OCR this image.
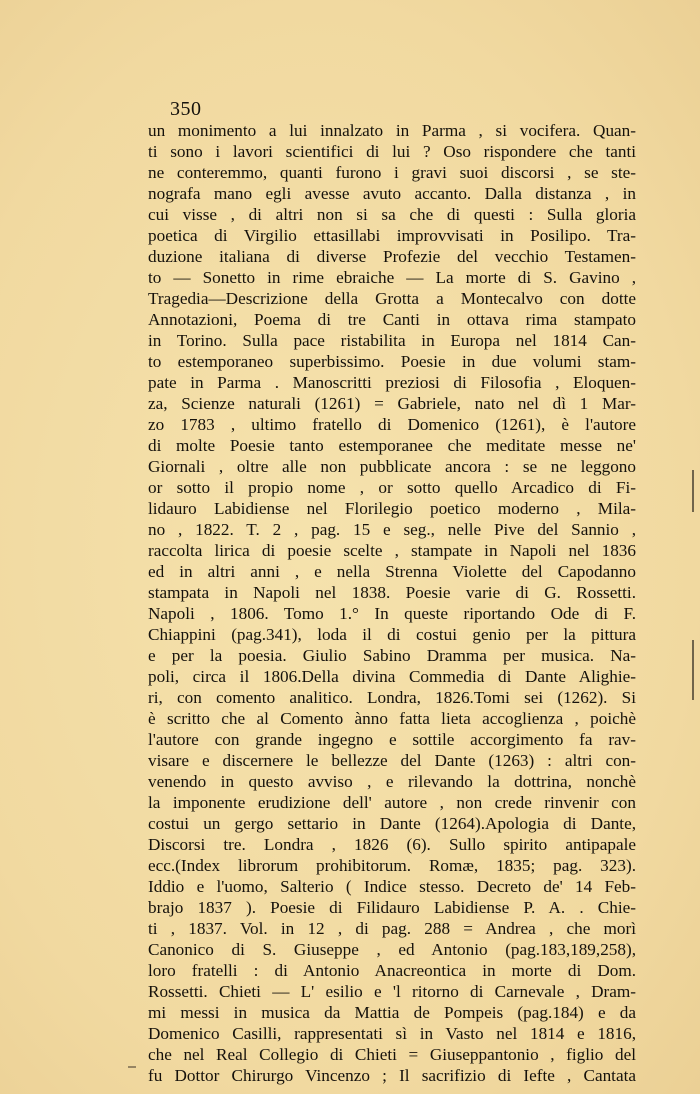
350
un monimento a lui innalzato in Parma , si vocifera. Quan-
ti sono i lavori scientifici di lui ? Oso rispondere che tanti
ne conteremmo, quanti furono i gravi suoi discorsi , se ste-
nografa mano egli avesse avuto accanto. Dalla distanza , in
cui visse , di altri non si sa che di questi : Sulla gloria
poetica di Virgilio ettasillabi improvvisati in Posilipo. Tra-
duzione italiana di diverse Profezie del vecchio Testamen-
to — Sonetto in rime ebraiche — La morte di S. Gavino ,
Tragedia—Descrizione della Grotta a Montecalvo con dotte
Annotazioni, Poema di tre Canti in ottava rima stampato
in Torino. Sulla pace ristabilita in Europa nel 1814 Can-
to estemporaneo superbissimo. Poesie in due volumi stam-
pate in Parma . Manoscritti preziosi di Filosofia , Eloquen-
za, Scienze naturali (1261) = Gabriele, nato nel dì 1 Mar-
zo 1783 , ultimo fratello di Domenico (1261), è l'autore
di molte Poesie tanto estemporanee che meditate messe ne'
Giornali , oltre alle non pubblicate ancora : se ne leggono
or sotto il propio nome , or sotto quello Arcadico di Fi-
lidauro Labidiense nel Florilegio poetico moderno , Mila-
no , 1822. T. 2 , pag. 15 e seg., nelle Pive del Sannio ,
raccolta lirica di poesie scelte , stampate in Napoli nel 1836
ed in altri anni , e nella Strenna Violette del Capodanno
stampata in Napoli nel 1838. Poesie varie di G. Rossetti.
Napoli , 1806. Tomo 1.° In queste riportando Ode di F.
Chiappini (pag.341), loda il di costui genio per la pittura
e per la poesia. Giulio Sabino Dramma per musica. Na-
poli, circa il 1806.Della divina Commedia di Dante Alighie-
ri, con comento analitico. Londra, 1826.Tomi sei (1262). Si
è scritto che al Comento ànno fatta lieta accoglienza , poichè
l'autore con grande ingegno e sottile accorgimento fa rav-
visare e discernere le bellezze del Dante (1263) : altri con-
venendo in questo avviso , e rilevando la dottrina, nonchè
la imponente erudizione dell' autore , non crede rinvenir con
costui un gergo settario in Dante (1264).Apologia di Dante,
Discorsi tre. Londra , 1826 (6). Sullo spirito antipapale
ecc.(Index librorum prohibitorum. Romæ, 1835; pag. 323).
Iddio e l'uomo, Salterio ( Indice stesso. Decreto de' 14 Feb-
brajo 1837 ). Poesie di Filidauro Labidiense P. A. . Chie-
ti , 1837. Vol. in 12 , di pag. 288 = Andrea , che morì
Canonico di S. Giuseppe , ed Antonio (pag.183,189,258),
loro fratelli : di Antonio Anacreontica in morte di Dom.
Rossetti. Chieti — L' esilio e 'l ritorno di Carnevale , Dram-
mi messi in musica da Mattia de Pompeis (pag.184) e da
Domenico Casilli, rappresentati sì in Vasto nel 1814 e 1816,
che nel Real Collegio di Chieti = Giuseppantonio , figlio del
fu Dottor Chirurgo Vincenzo ; Il sacrifizio di Iefte , Cantata
